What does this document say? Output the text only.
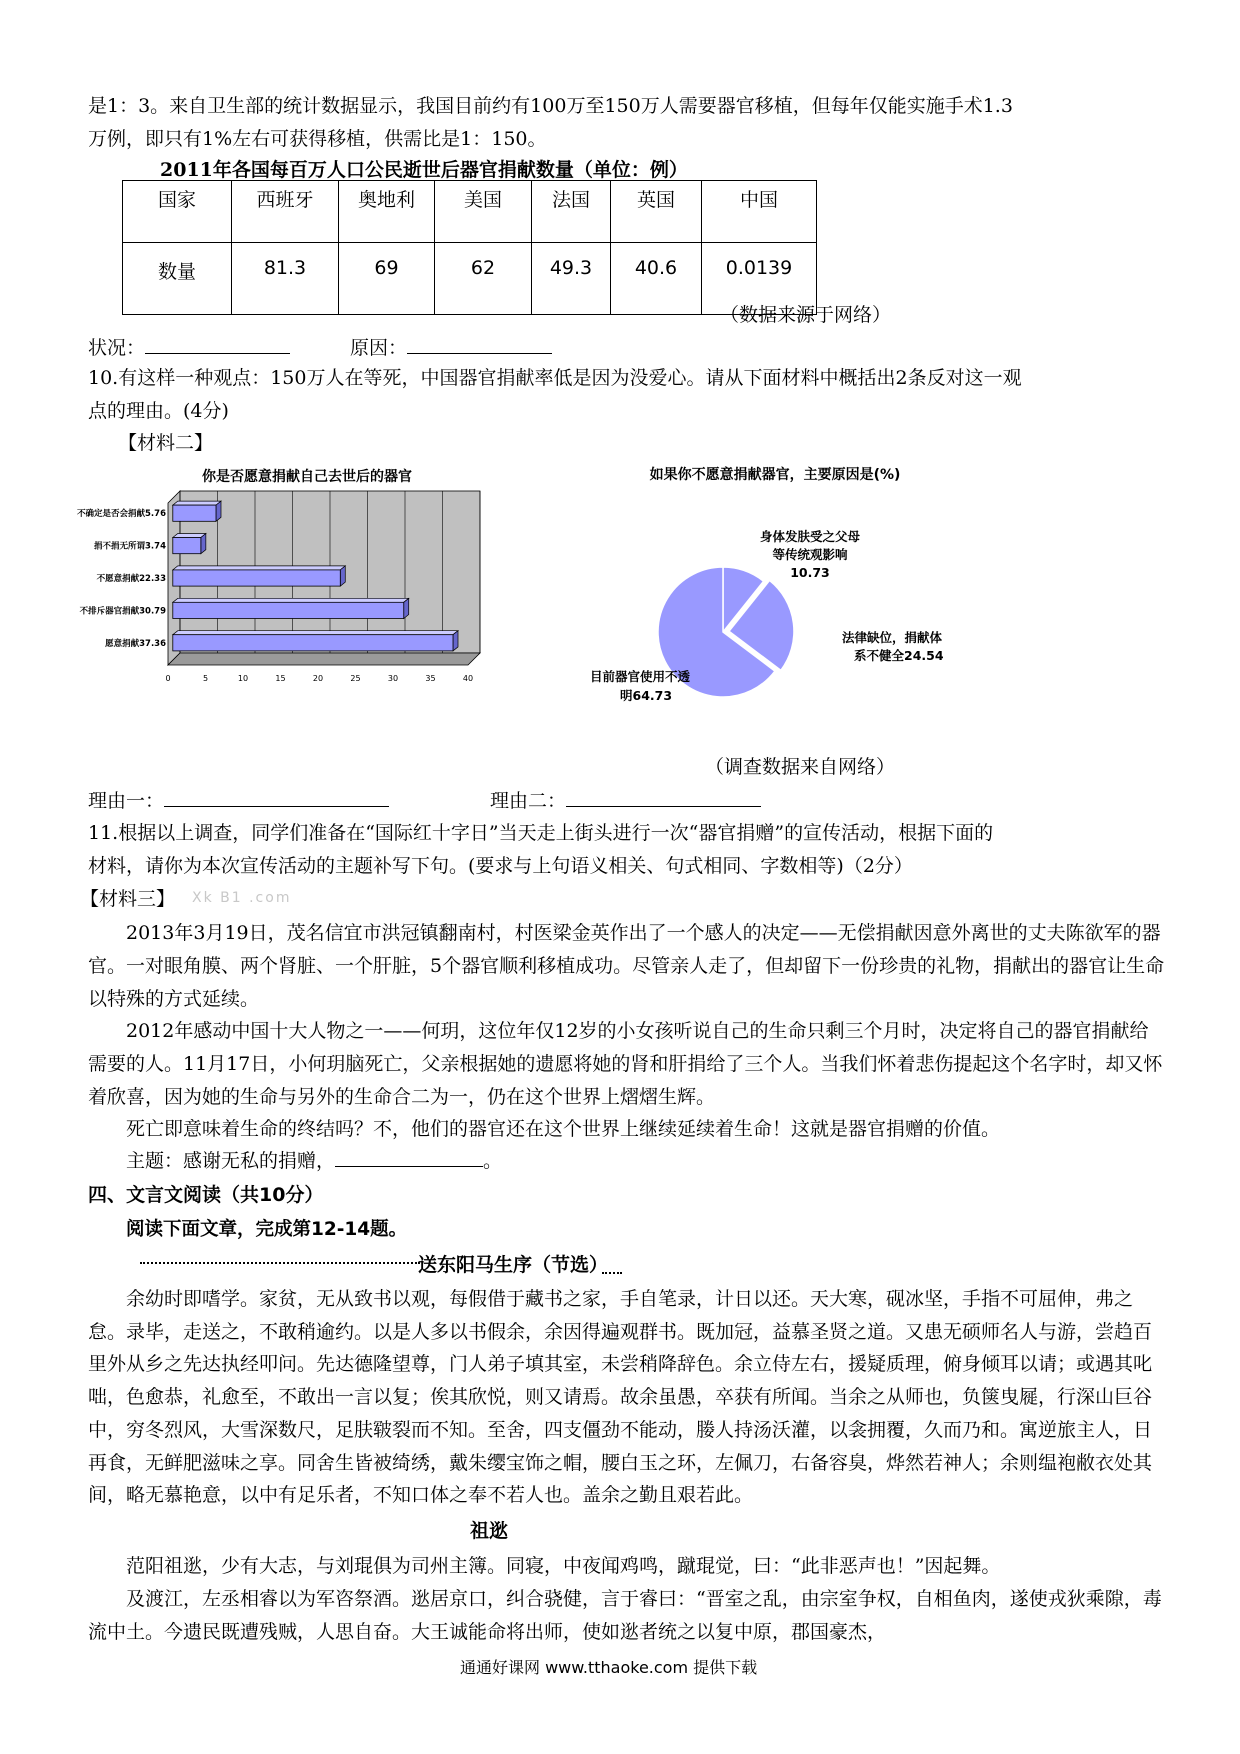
是1：3。来自卫生部的统计数据显示，我国目前约有100万至150万人需要器官移植，但每年仅能实施手术1.3
万例，即只有1%左右可获得移植，供需比是1：150。
2011年各国每百万人口公民逝世后器官捐献数量（单位：例）
国家	西班牙	奥地利	美国	法国	英国	中国
数量	81.3	69	62	49.3	40.6	0.0139
（数据来源于网络）
状况：	原因：
10.有这样一种观点：150万人在等死，中国器官捐献率低是因为没爱心。请从下面材料中概括出2条反对这一观
点的理由。(4分)
【材料二】
你是否愿意捐献自己去世后的器官
0	5	10	15	20	25	30	35	40
不确定是否会捐献5.76
捐不捐无所谓3.74
不愿意捐献22.33
不排斥器官捐献30.79
愿意捐献37.36
如果你不愿意捐献器官，主要原因是(%)
身体发肤受之父母
等传统观影响
10.73
法律缺位，捐献体
系不健全24.54
目前器官使用不透
明64.73
（调查数据来自网络）
理由一：	理由二：
11.根据以上调查，同学们准备在“国际红十字日”当天走上街头进行一次“器官捐赠”的宣传活动，根据下面的
材料，请你为本次宣传活动的主题补写下句。(要求与上句语义相关、句式相同、字数相等)（2分）
【材料三】 Xk B1 .com
2013年3月19日，茂名信宜市洪冠镇翻南村，村医梁金英作出了一个感人的决定——无偿捐献因意外离世的丈夫陈欲军的器官。一对眼角膜、两个肾脏、一个肝脏，5个器官顺利移植成功。尽管亲人走了，但却留下一份珍贵的礼物，捐献出的器官让生命以特殊的方式延续。
2012年感动中国十大人物之一——何玥，这位年仅12岁的小女孩听说自己的生命只剩三个月时，决定将自己的器官捐献给需要的人。11月17日，小何玥脑死亡，父亲根据她的遗愿将她的肾和肝捐给了三个人。当我们怀着悲伤提起这个名字时，却又怀着欣喜，因为她的生命与另外的生命合二为一，仍在这个世界上熠熠生辉。
死亡即意味着生命的终结吗？不，他们的器官还在这个世界上继续延续着生命！这就是器官捐赠的价值。
主题：感谢无私的捐赠，	。
四、文言文阅读（共10分）
阅读下面文章，完成第12-14题。
送东阳马生序（节选）
余幼时即嗜学。家贫，无从致书以观，每假借于藏书之家，手自笔录，计日以还。天大寒，砚冰坚，手指不可屈伸，弗之怠。录毕，走送之，不敢稍逾约。以是人多以书假余，余因得遍观群书。既加冠，益慕圣贤之道。又患无硕师名人与游，尝趋百里外从乡之先达执经叩问。先达德隆望尊，门人弟子填其室，未尝稍降辞色。余立侍左右，援疑质理，俯身倾耳以请；或遇其叱咄，色愈恭，礼愈至，不敢出一言以复；俟其欣悦，则又请焉。故余虽愚，卒获有所闻。当余之从师也，负箧曳屣，行深山巨谷中，穷冬烈风，大雪深数尺，足肤皲裂而不知。至舍，四支僵劲不能动，媵人持汤沃灌，以衾拥覆，久而乃和。寓逆旅主人，日再食，无鲜肥滋味之享。同舍生皆被绮绣，戴朱缨宝饰之帽，腰白玉之环，左佩刀，右备容臭，烨然若神人；余则缊袍敝衣处其间，略无慕艳意，以中有足乐者，不知口体之奉不若人也。盖余之勤且艰若此。
祖逖
范阳祖逖，少有大志，与刘琨俱为司州主簿。同寝，中夜闻鸡鸣，蹴琨觉，曰：“此非恶声也！”因起舞。
及渡江，左丞相睿以为军咨祭酒。逖居京口，纠合骁健，言于睿曰：“晋室之乱，由宗室争权，自相鱼肉，遂使戎狄乘隙，毒流中土。今遗民既遭残贼，人思自奋。大王诚能命将出师，使如逖者统之以复中原，郡国豪杰，
通通好课网 www.tthaoke.com 提供下载
